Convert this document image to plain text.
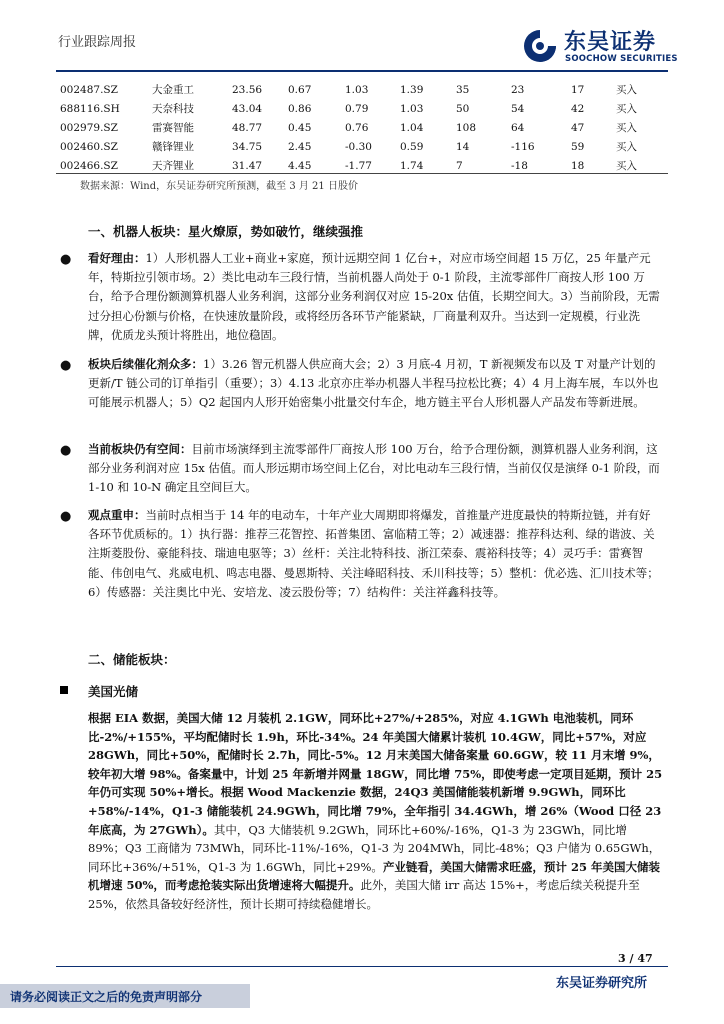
行业跟踪周报	东吴证券
SOOCHOW SECURITIES
002487.SZ	大金重工	23.56	0.67	1.03	1.39	35	23	17	买入
688116.SH	天奈科技	43.04	0.86	0.79	1.03	50	54	42	买入
002979.SZ	雷赛智能	48.77	0.45	0.76	1.04	108	64	47	买入
002460.SZ	赣锋锂业	34.75	2.45	-0.30	0.59	14	-116	59	买入
002466.SZ	天齐锂业	31.47	4.45	-1.77	1.74	7	-18	18	买入
数据来源：Wind，东吴证券研究所预测，截至 3 月 21 日股价
一、机器人板块：星火燎原，势如破竹，继续强推
● 看好理由：1）人形机器人工业+商业+家庭，预计远期空间 1 亿台+，对应市场空间超 15 万亿，25 年量产元年，特斯拉引领市场。2）类比电动车三段行情，当前机器人尚处于 0-1 阶段，主流零部件厂商按人形 100 万台，给予合理份额测算机器人业务利润，这部分业务利润仅对应 15-20x 估值，长期空间大。3）当前阶段，无需过分担心份额与价格，在快速放量阶段，或将经历各环节产能紧缺，厂商量利双升。当达到一定规模，行业洗牌，优质龙头预计将胜出，地位稳固。
● 板块后续催化剂众多：1）3.26 智元机器人供应商大会；2）3 月底-4 月初，T 新视频发布以及 T 对量产计划的更新/T 链公司的订单指引（重要）；3）4.13 北京亦庄举办机器人半程马拉松比赛；4）4 月上海车展，车以外也可能展示机器人；5）Q2 起国内人形开始密集小批量交付车企，地方链主平台人形机器人产品发布等新进展。
● 当前板块仍有空间：目前市场演绎到主流零部件厂商按人形 100 万台，给予合理份额，测算机器人业务利润，这部分业务利润对应 15x 估值。而人形远期市场空间上亿台，对比电动车三段行情，当前仅仅是演绎 0-1 阶段，而 1-10 和 10-N 确定且空间巨大。
● 观点重申：当前时点相当于 14 年的电动车，十年产业大周期即将爆发，首推量产进度最快的特斯拉链，并有好各环节优质标的。1）执行器：推荐三花智控、拓普集团、富临精工等；2）减速器：推荐科达利、绿的谐波、关注斯菱股份、豪能科技、瑞迪电驱等；3）丝杆：关注北特科技、浙江荣泰、震裕科技等；4）灵巧手：雷赛智能、伟创电气、兆威电机、鸣志电器、曼恩斯特、关注峰昭科技、禾川科技等；5）整机：优必选、汇川技术等；6）传感器：关注奥比中光、安培龙、凌云股份等；7）结构件：关注祥鑫科技等。
二、储能板块：
美国光储
根据 EIA 数据，美国大储 12 月装机 2.1GW，同环比+27%/+285%，对应 4.1GWh 电池装机，同环比-2%/+155%，平均配储时长 1.9h，环比-34%。24 年美国大储累计装机 10.4GW，同比+57%，对应 28GWh，同比+50%，配储时长 2.7h，同比-5%。12 月末美国大储备案量 60.6GW，较 11 月末增 9%，较年初大增 98%。备案量中，计划 25 年新增并网量 18GW，同比增 75%，即使考虑一定项目延期，预计 25 年仍可实现 50%+增长。根据 Wood Mackenzie 数据，24Q3 美国储能装机新增 9.9GWh，同环比+58%/-14%，Q1-3 储能装机 24.9GWh，同比增 79%，全年指引 34.4GWh，增 26%（Wood 口径 23 年底高，为 27GWh）。其中，Q3 大储装机 9.2GWh，同环比+60%/-16%，Q1-3 为 23GWh，同比增 89%；Q3 工商储为 73MWh，同环比-11%/-16%，Q1-3 为 204MWh，同比-48%；Q3 户储为 0.65GWh，同环比+36%/+51%，Q1-3 为 1.6GWh，同比+29%。产业链看，美国大储需求旺盛，预计 25 年美国大储装机增速 50%，而考虑抢装实际出货增速将大幅提升。此外，美国大储 irr 高达 15%+，考虑后续关税提升至 25%，依然具备较好经济性，预计长期可持续稳健增长。
3 / 47
东吴证券研究所
请务必阅读正文之后的免责声明部分
